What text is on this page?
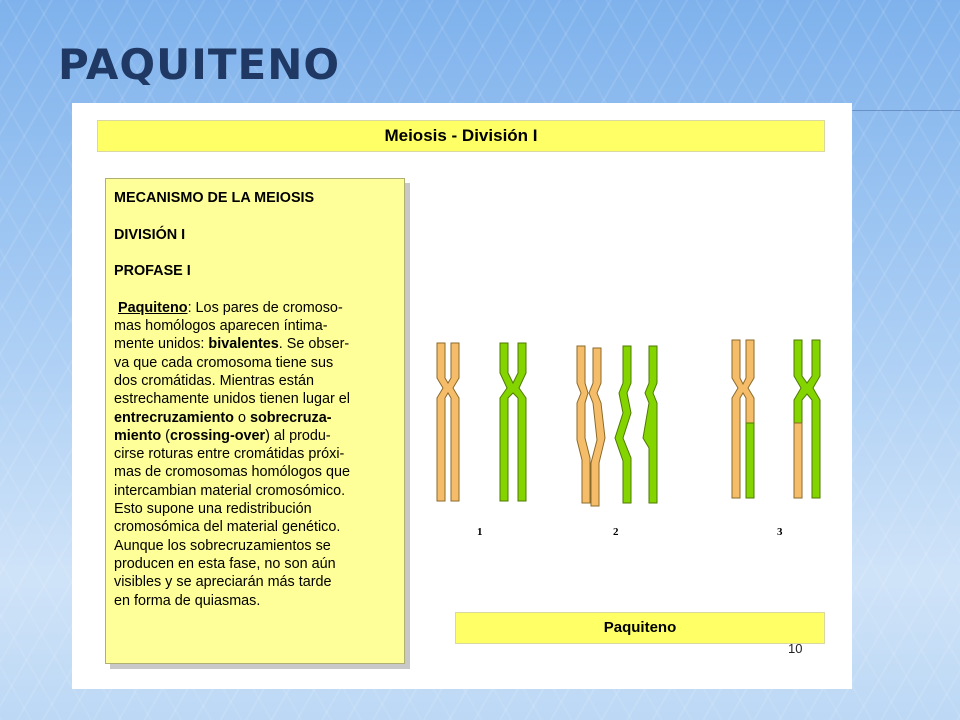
PAQUITENO
Meiosis - División I
MECANISMO DE LA MEIOSIS
DIVISIÓN I
PROFASE I
Paquiteno: Los pares de cromoso-
mas homólogos aparecen íntima-
mente unidos: bivalentes. Se obser-
va que cada cromosoma tiene sus
dos cromátidas. Mientras están
estrechamente unidos tienen lugar el
entrecruzamiento o sobrecruza-
miento (crossing-over) al produ-
cirse roturas entre cromátidas próxi-
mas de cromosomas homólogos que
intercambian material cromosómico.
Esto supone una redistribución
cromosómica del material genético.
Aunque los sobrecruzamientos se
producen en esta fase, no son aún
visibles y se apreciarán más tarde
en forma de quiasmas.
1	2	3
Paquiteno
10
